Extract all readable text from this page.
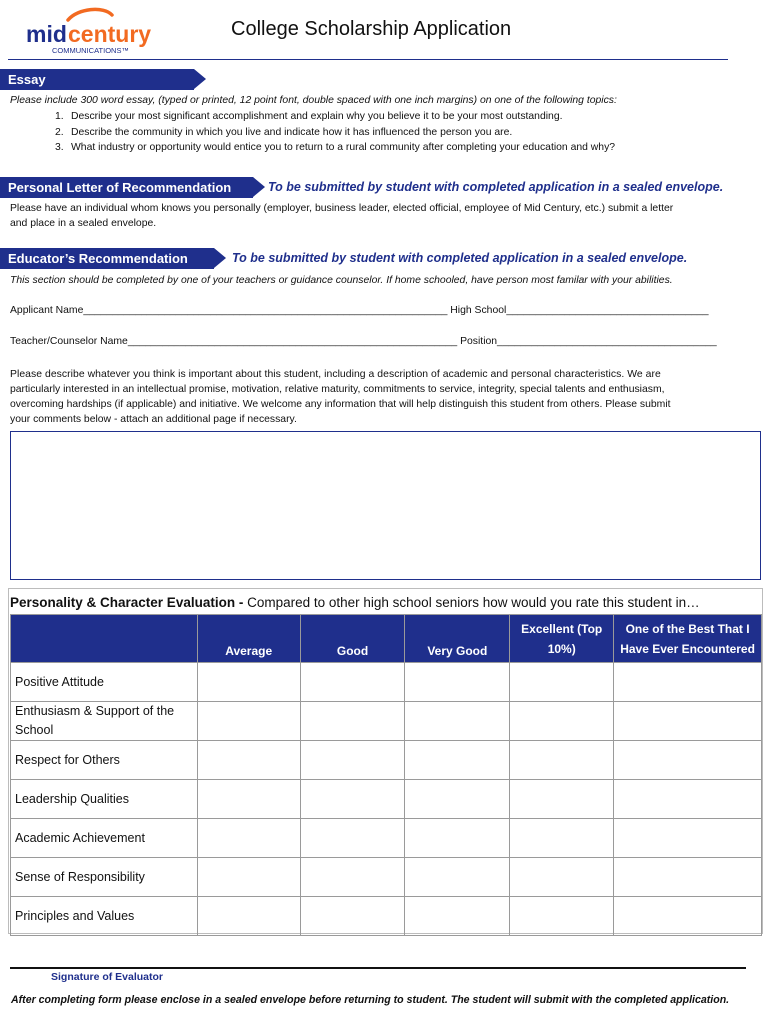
mid century
COMMUNICATIONS™
College Scholarship Application
Essay
Please include 300 word essay, (typed or printed, 12 point font, double spaced with one inch margins) on one of the following topics:
1. Describe your most significant accomplishment and explain why you believe it to be your most outstanding.
2. Describe the community in which you live and indicate how it has influenced the person you are.
3. What industry or opportunity would entice you to return to a rural community after completing your education and why?
Personal Letter of Recommendation	To be submitted by student with completed application in a sealed envelope.
Please have an individual whom knows you personally (employer, business leader, elected official, employee of Mid Century, etc.) submit a letter
and place in a sealed envelope.
Educator’s Recommendation	To be submitted by student with completed application in a sealed envelope.
This section should be completed by one of your teachers or guidance counselor. If home schooled, have person most familar with your abilities.
Applicant Name_______________________________________________________________ High School___________________________________
Teacher/Counselor Name_________________________________________________________ Position______________________________________
Please describe whatever you think is important about this student, including a description of academic and personal characteristics. We are
particularly interested in an intellectual promise, motivation, relative maturity, commitments to service, integrity, special talents and enthusiasm,
overcoming hardships (if applicable) and initiative. We welcome any information that will help distinguish this student from others. Please submit
your comments below - attach an additional page if necessary.
Personality & Character Evaluation - Compared to other high school seniors how would you rate this student in…
	Average	Good	Very Good	Excellent (Top 10%)	One of the Best That I Have Ever Encountered
Positive Attitude					
Enthusiasm & Support of the School					
Respect for Others					
Leadership Qualities					
Academic Achievement					
Sense of Responsibility					
Principles and Values					
Signature of Evaluator
After completing form please enclose in a sealed envelope before returning to student. The student will submit with the completed application.
